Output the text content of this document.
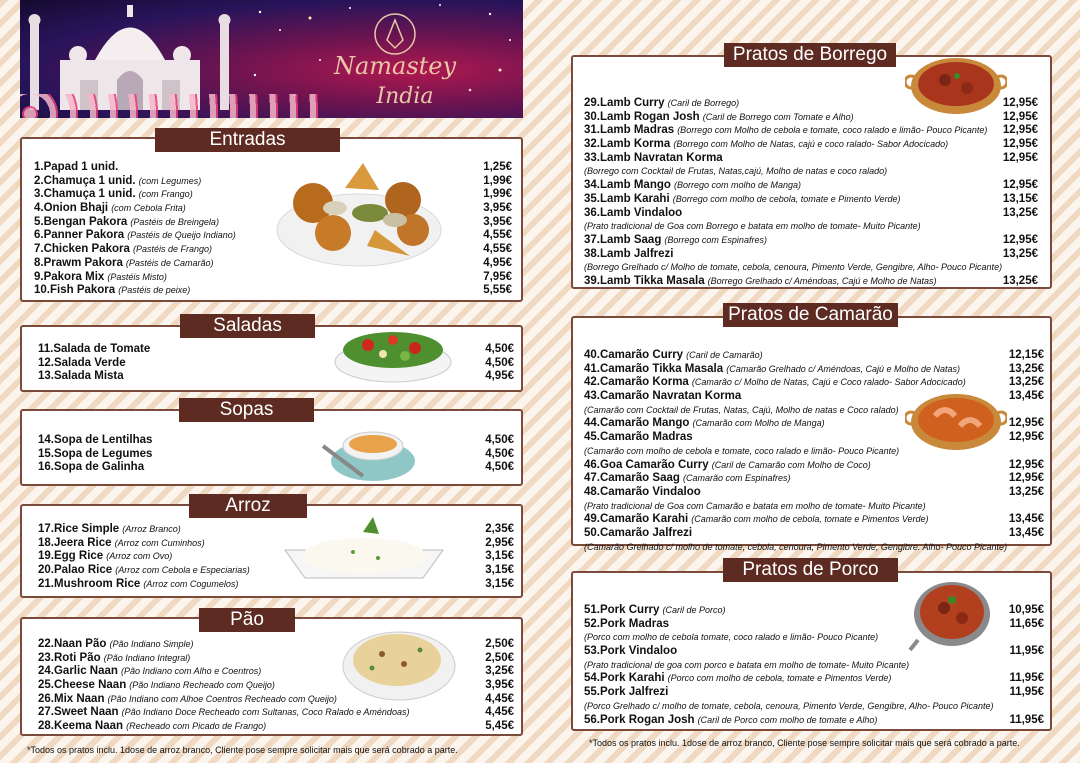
Namastey
India
Entradas
1.Papad 1 unid.	1,25€
2.Chamuça 1 unid. (com Legumes)	1,99€
3.Chamuça 1 unid. (com Frango)	1,99€
4.Onion Bhaji (com Cebola Frita)	3,95€
5.Bengan Pakora (Pastéis de Breingela)	3,95€
6.Panner Pakora (Pastéis de Queijo Indiano)	4,55€
7.Chicken Pakora (Pastéis de Frango)	4,55€
8.Prawm Pakora (Pastéis de Camarão)	4,95€
9.Pakora Mix (Pastéis Misto)	7,95€
10.Fish Pakora (Pastéis de peixe)	5,55€
Saladas
11.Salada de Tomate	4,50€
12.Salada Verde	4,50€
13.Salada Mista	4,95€
Sopas
14.Sopa de Lentilhas	4,50€
15.Sopa de Legumes	4,50€
16.Sopa de Galinha	4,50€
Arroz
17.Rice Simple (Arroz Branco)	2,35€
18.Jeera Rice (Arroz com Cuminhos)	2,95€
19.Egg Rice (Arroz com Ovo)	3,15€
20.Palao Rice (Arroz com Cebola e Especiarias)	3,15€
21.Mushroom Rice (Arroz com Cogumelos)	3,15€
Pão
22.Naan Pão (Pão Indiano Simple)	2,50€
23.Roti Pão (Pão Indiano Integral)	2,50€
24.Garlic Naan (Pão Indiano com Alho e Coentros)	3,25€
25.Cheese Naan (Pão Indiano Recheado com Queijo)	3,95€
26.Mix Naan (Pão Indiano com Alhoe Coentros Recheado com Queijo)	4,45€
27.Sweet Naan (Pão Indiano Doce Recheado com Sultanas, Coco Ralado e Améndoas)	4,45€
28.Keema Naan (Recheado com Picado de Frango)	5,45€
*Todos os pratos inclu. 1dose de arroz branco, Cliente pose sempre solicitar mais que será cobrado a parte.
Pratos de Borrego
29.Lamb Curry (Caril de Borrego)	12,95€
30.Lamb Rogan Josh (Caril de Borrego com Tomate e Alho)	12,95€
31.Lamb Madras (Borrego com Molho de cebola e tomate, coco ralado e limão- Pouco Picante) 12,95€
32.Lamb Korma (Borrego com Molho de Natas, cajú e coco ralado- Sabor Adocicado)	12,95€
33.Lamb Navratan Korma	12,95€
(Borrego com Cocktail de Frutas, Natas,cajú, Molho de natas e coco ralado)
34.Lamb Mango (Borrego com molho de Manga)	12,95€
35.Lamb Karahi (Borrego com molho de cebola, tomate e Pimento Verde)	13,15€
36.Lamb Vindaloo	13,25€
(Prato tradicional de Goa com Borrego e batata em molho de tomate- Muito Picante)
37.Lamb Saag (Borrego com Espinafres)	12,95€
38.Lamb Jalfrezi	13,25€
(Borrego Grelhado c/ Molho de tomate, cebola, cenoura, Pimento Verde, Gengibre, Alho- Pouco Picante)
39.Lamb Tikka Masala (Borrego Grelhado c/ Améndoas, Cajú e Molho de Natas)	13,25€
Pratos de Camarão
40.Camarão Curry (Caril de Camarão)	12,15€
41.Camarão Tikka Masala (Camarão Grelhado c/ Améndoas, Cajú e Molho de Natas)	13,25€
42.Camarão Korma (Camarão c/ Molho de Natas, Cajú e Coco ralado- Sabor Adocicado)	13,25€
43.Camarão Navratan Korma	13,45€
(Camarão com Cocktail de Frutas, Natas, Cajú, Molho de natas e Coco ralado)
44.Camarão Mango (Camarão com Molho de Manga)	12,95€
45.Camarão Madras	12,95€
(Camarão com molho de cebola e tomate, coco ralado e limão- Pouco Picante)
46.Goa Camarão Curry (Caril de Camarão com Molho de Coco)	12,95€
47.Camarão Saag (Camarão com Espinafres)	12,95€
48.Camarão Vindaloo	13,25€
(Prato tradicional de Goa com Camarão e batata em molho de tomate- Muito Picante)
49.Camarão Karahi (Camarão com molho de cebola, tomate e Pimentos Verde)	13,45€
50.Camarão Jalfrezi	13,45€
(Camarão Grelhado c/ molho de tomate, cebola, cenoura, Pimento Verde, Gengibre. Alho- Pouco Picante)
Pratos de Porco
51.Pork Curry (Caril de Porco)	10,95€
52.Pork Madras	11,65€
(Porco com molho de cebola tomate, coco ralado e limão- Pouco Picante)
53.Pork Vindaloo	11,95€
(Prato tradicional de goa com porco e batata em molho de tomate- Muito Picante)
54.Pork Karahi (Porco com molho de cebola, tomate e Pimentos Verde)	11,95€
55.Pork Jalfrezi	11,95€
(Porco Grelhado c/ molho de tomate, cebola, cenoura, Pimento Verde, Gengibre, Alho- Pouco Picante)
56.Pork Rogan Josh (Caril de Porco com molho de tomate e Alho)	11,95€
*Todos os pratos inclu. 1dose de arroz branco, Cliente pose sempre solicitar mais que será cobrado a parte.
